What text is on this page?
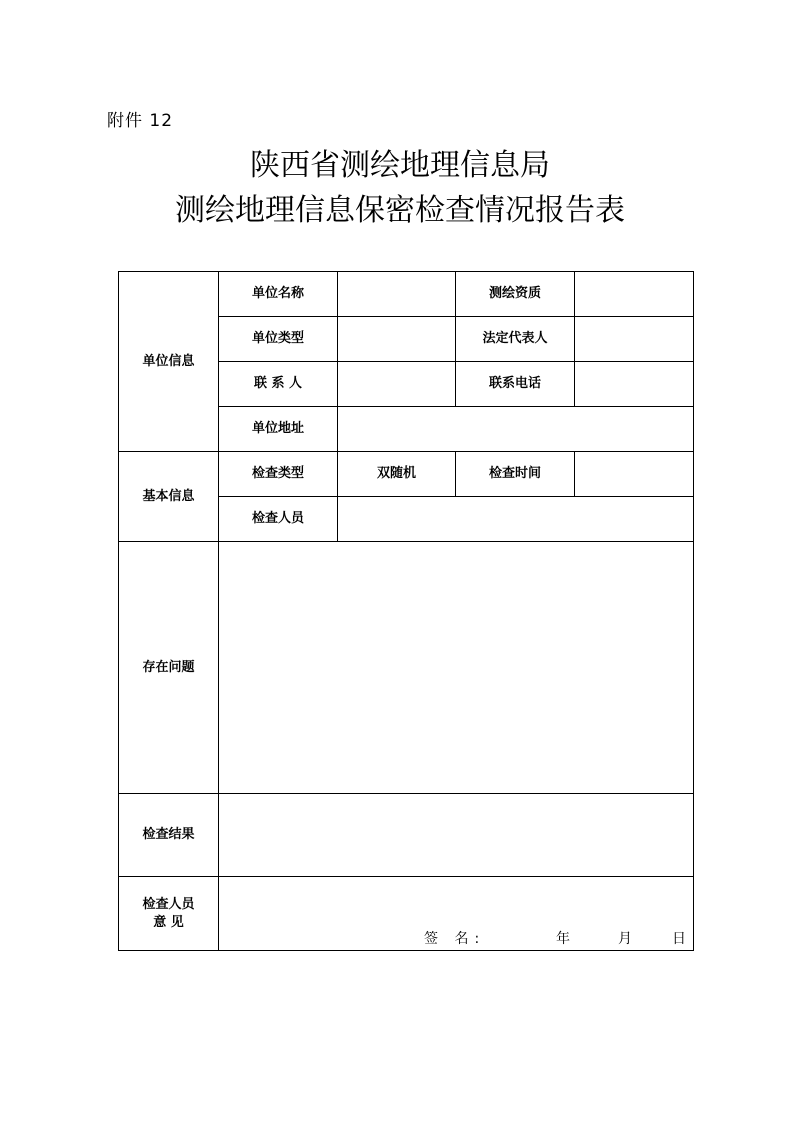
附件 12
陕西省测绘地理信息局
测绘地理信息保密检查情况报告表
单位信息	单位名称		测绘资质	
	单位类型		法定代表人	
	联 系 人		联系电话	
	单位地址			
基本信息	检查类型	双随机	检查时间	
	检查人员			
存在问题				
检查结果				

检查人员
意 见	签 名: 年 月 日			
